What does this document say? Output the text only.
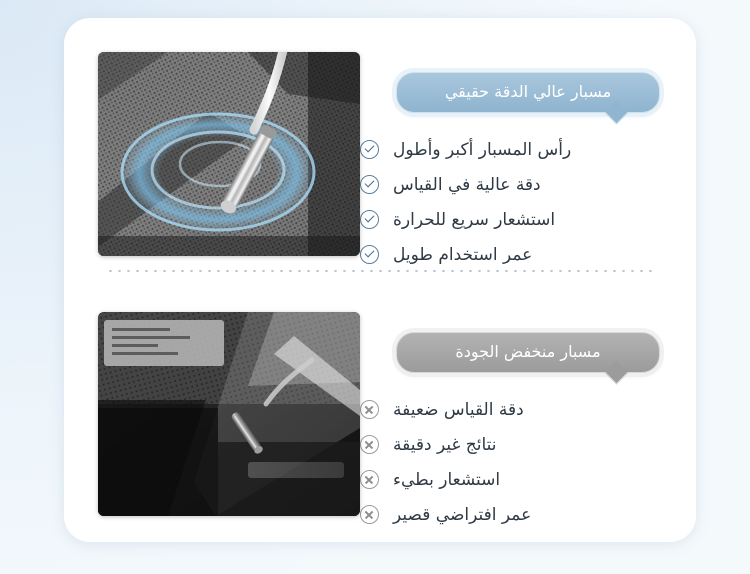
مسبار عالي الدقة حقيقي
رأس المسبار أكبر وأطول
دقة عالية في القياس
استشعار سريع للحرارة
عمر استخدام طويل
مسبار منخفض الجودة
دقة القياس ضعيفة
نتائج غير دقيقة
استشعار بطيء
عمر افتراضي قصير
